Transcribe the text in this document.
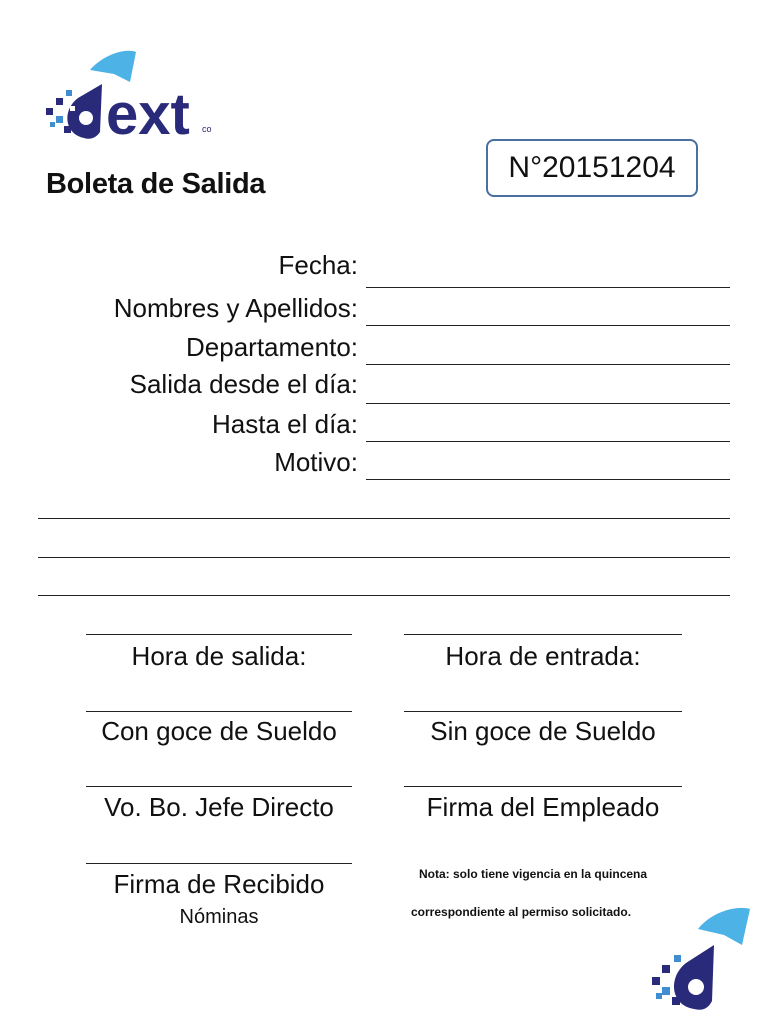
ext co
Boleta de Salida	N°20151204
Fecha:
Nombres y Apellidos:
Departamento:
Salida desde el día:
Hasta el día:
Motivo:
Hora de salida:	Hora de entrada:
Con goce de Sueldo	Sin goce de Sueldo
Vo. Bo. Jefe Directo	Firma del Empleado
Firma de Recibido
Nóminas
Nota: solo tiene vigencia en la quincena
correspondiente al permiso solicitado.
